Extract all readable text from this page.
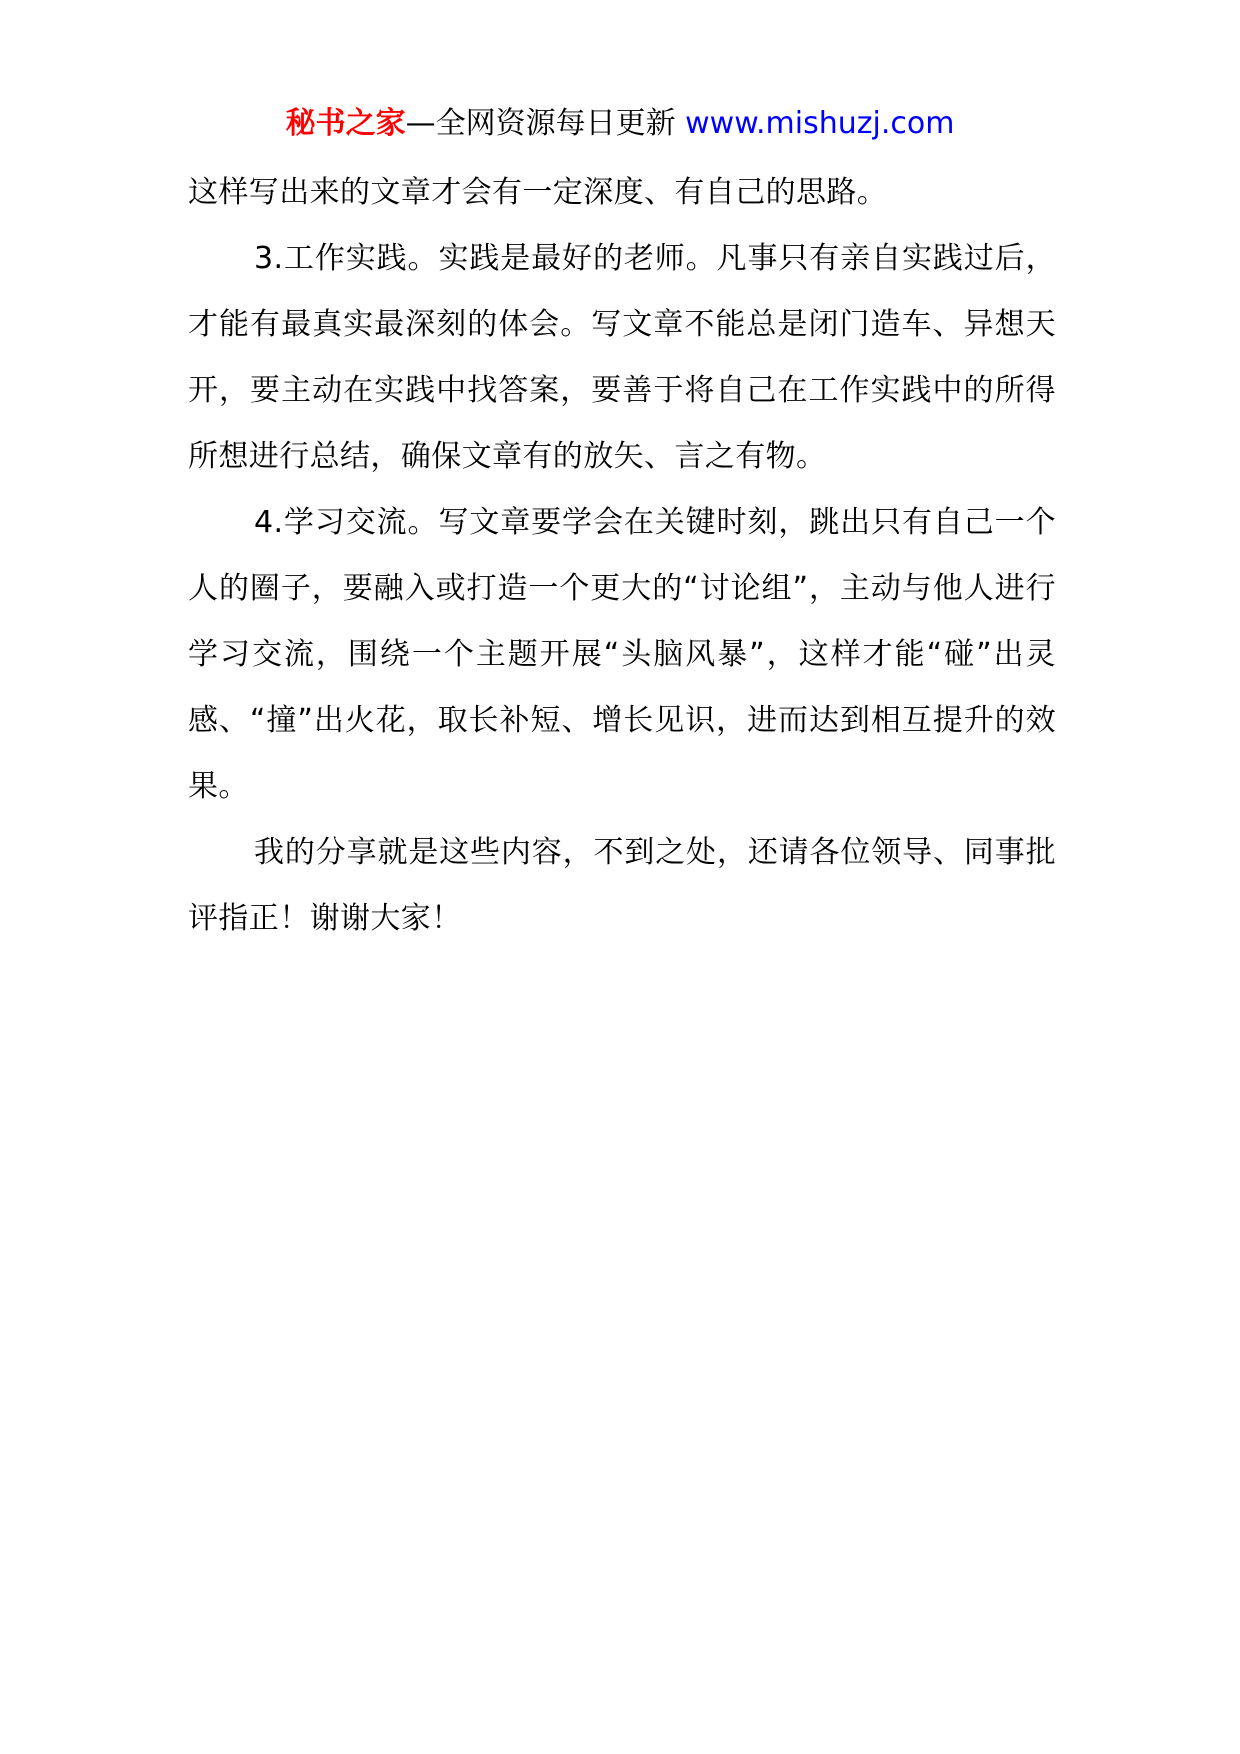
秘书之家—全网资源每日更新 www.mishuzj.com

这样写出来的文章才会有一定深度、有自己的思路。

3.工作实践。实践是最好的老师。凡事只有亲自实践过后，才能有最真实最深刻的体会。写文章不能总是闭门造车、异想天开，要主动在实践中找答案，要善于将自己在工作实践中的所得所想进行总结，确保文章有的放矢、言之有物。

4.学习交流。写文章要学会在关键时刻，跳出只有自己一个人的圈子，要融入或打造一个更大的“讨论组”，主动与他人进行学习交流，围绕一个主题开展“头脑风暴”，这样才能“碰”出灵感、“撞”出火花，取长补短、增长见识，进而达到相互提升的效果。

我的分享就是这些内容，不到之处，还请各位领导、同事批评指正！谢谢大家！
